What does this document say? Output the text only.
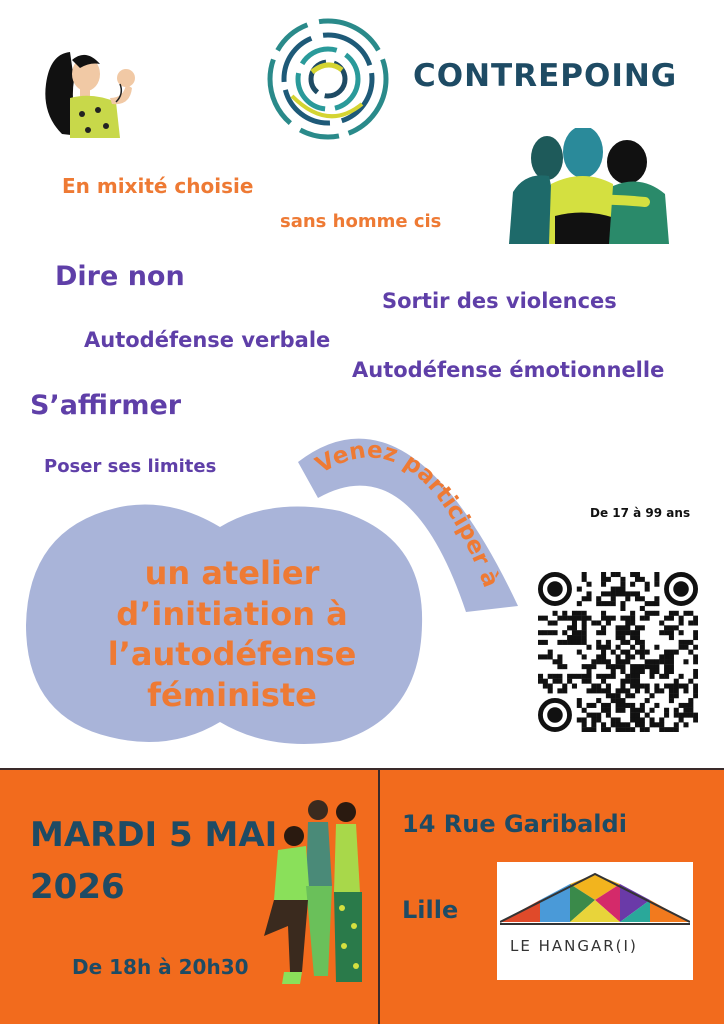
CONTREPOING
En mixité choisie
sans homme cis
Dire non
Sortir des violences
Autodéfense verbale
Autodéfense émotionnelle
S’affirmer
Poser ses limites	Venez participer à
De 17 à 99 ans
un atelier
d’initiation à
l’autodéfense
féministe
MARDI 5 MAI
2026
De 18h à 20h30
14 Rue Garibaldi
Lille
LE HANGAR(I)
